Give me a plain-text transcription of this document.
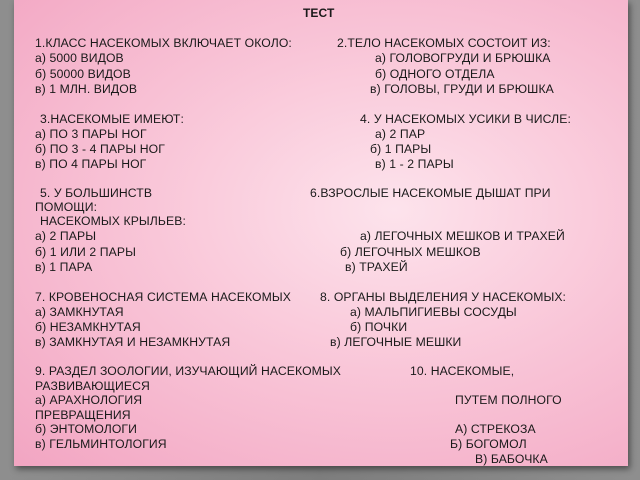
ТЕСТ
1.КЛАСС НАСЕКОМЫХ ВКЛЮЧАЕТ ОКОЛО:
а) 5000 ВИДОВ
б) 50000 ВИДОВ
в) 1 МЛН. ВИДОВ
2.ТЕЛО НАСЕКОМЫХ СОСТОИТ ИЗ:
а) ГОЛОВОГРУДИ И БРЮШКА
б) ОДНОГО ОТДЕЛА
в) ГОЛОВЫ, ГРУДИ И БРЮШКА
3.НАСЕКОМЫЕ ИМЕЮТ:
а) ПО 3 ПАРЫ НОГ
б) ПО 3 - 4 ПАРЫ НОГ
в) ПО 4 ПАРЫ НОГ
4. У НАСЕКОМЫХ УСИКИ В ЧИСЛЕ:
а) 2 ПАР
б) 1 ПАРЫ
в) 1 - 2 ПАРЫ
5. У БОЛЬШИНСТВ
НАСЕКОМЫХ КРЫЛЬЕВ:
а) 2 ПАРЫ
б) 1 ИЛИ 2 ПАРЫ
в) 1 ПАРА
6.ВЗРОСЛЫЕ НАСЕКОМЫЕ ДЫШАТ ПРИ
ПОМОЩИ:
а) ЛЕГОЧНЫХ МЕШКОВ И ТРАХЕЙ
б) ЛЕГОЧНЫХ МЕШКОВ
в) ТРАХЕЙ
7. КРОВЕНОСНАЯ СИСТЕМА НАСЕКОМЫХ
а) ЗАМКНУТАЯ
б) НЕЗАМКНУТАЯ
в) ЗАМКНУТАЯ И НЕЗАМКНУТАЯ
8. ОРГАНЫ ВЫДЕЛЕНИЯ У НАСЕКОМЫХ:
а) МАЛЬПИГИЕВЫ СОСУДЫ
б) ПОЧКИ
в) ЛЕГОЧНЫЕ МЕШКИ
9. РАЗДЕЛ ЗООЛОГИИ, ИЗУЧАЮЩИЙ НАСЕКОМЫХ
а) АРАХНОЛОГИЯ
б) ЭНТОМОЛОГИ
в) ГЕЛЬМИНТОЛОГИЯ
10. НАСЕКОМЫЕ,
РАЗВИВАЮЩИЕСЯ
ПУТЕМ ПОЛНОГО
ПРЕВРАЩЕНИЯ
А) СТРЕКОЗА
Б) БОГОМОЛ
В) БАБОЧКА
